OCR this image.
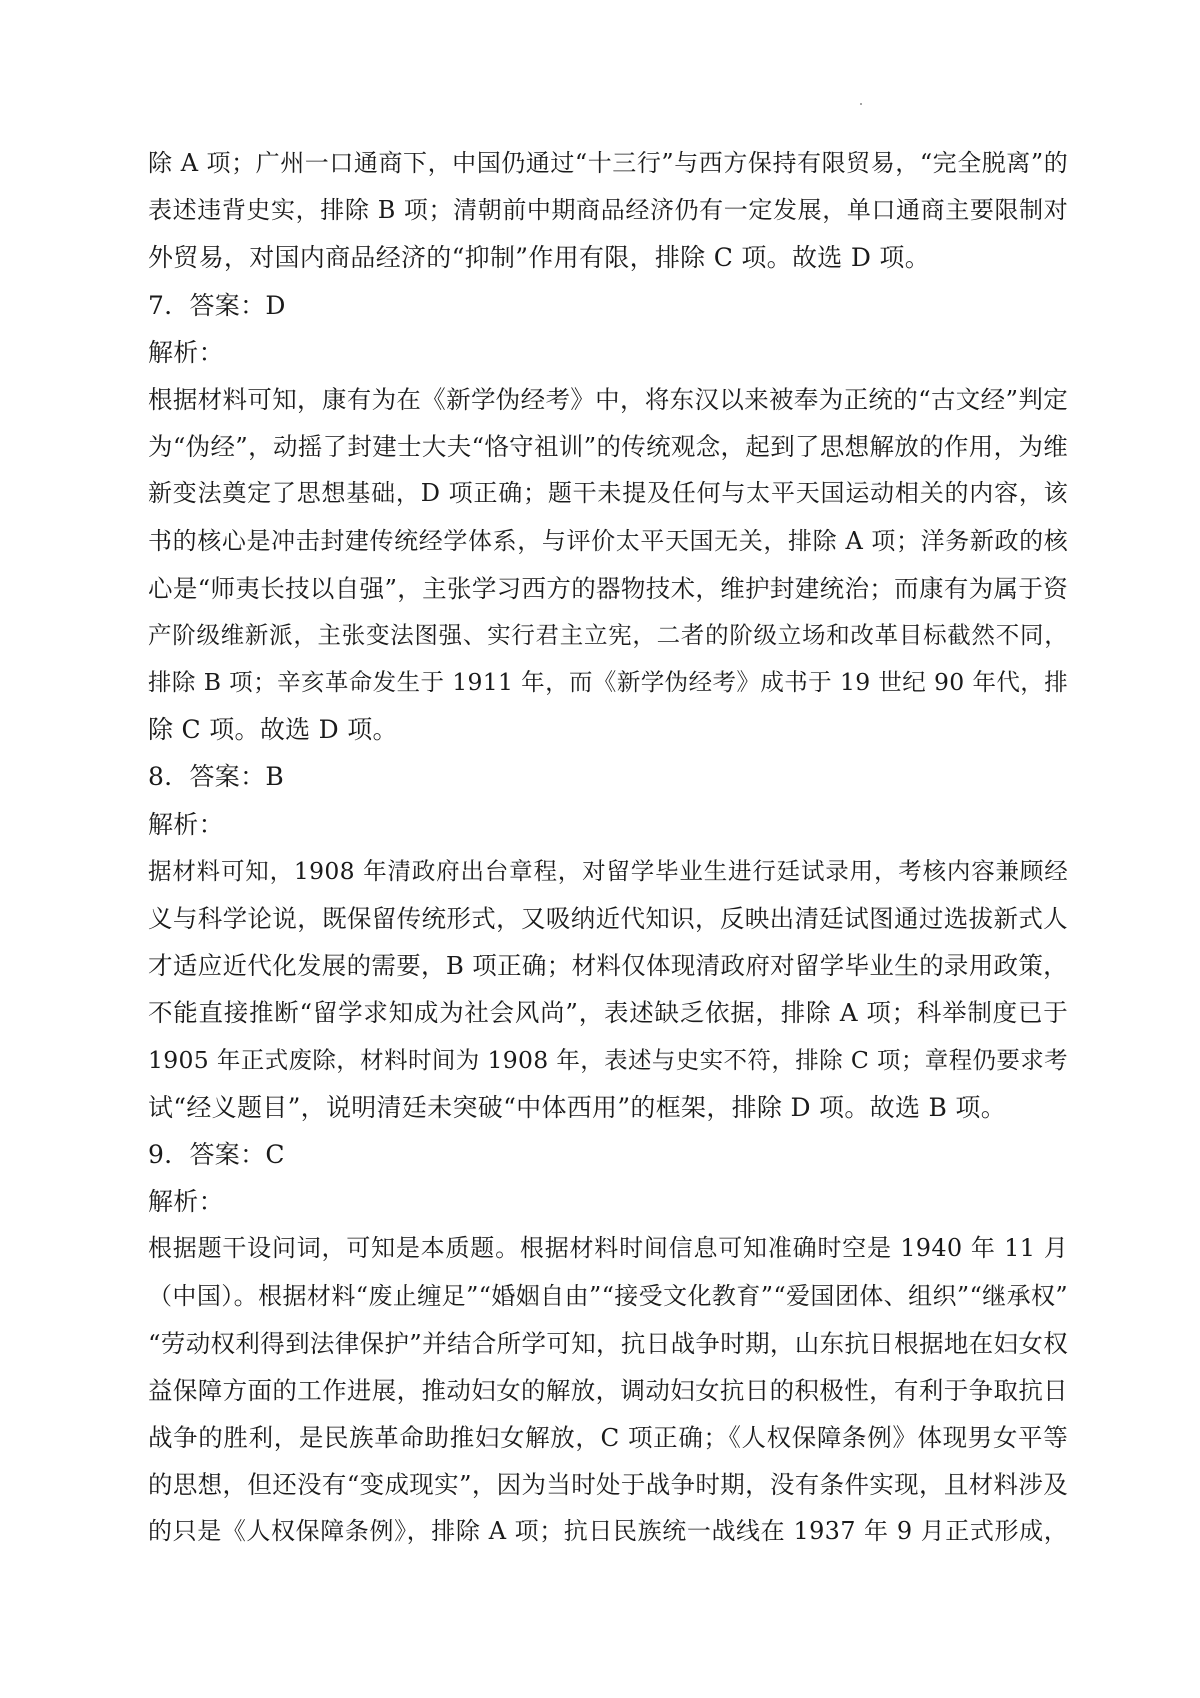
除 A 项；广州一口通商下，中国仍通过“十三行”与西方保持有限贸易，“完全脱离”的
表述违背史实，排除 B 项；清朝前中期商品经济仍有一定发展，单口通商主要限制对
外贸易，对国内商品经济的“抑制”作用有限，排除 C 项。故选 D 项。
7．答案：D
解析：
根据材料可知，康有为在《新学伪经考》中，将东汉以来被奉为正统的“古文经”判定
为“伪经”，动摇了封建士大夫“恪守祖训”的传统观念，起到了思想解放的作用，为维
新变法奠定了思想基础，D 项正确；题干未提及任何与太平天国运动相关的内容，该
书的核心是冲击封建传统经学体系，与评价太平天国无关，排除 A 项；洋务新政的核
心是“师夷长技以自强”，主张学习西方的器物技术，维护封建统治；而康有为属于资
产阶级维新派，主张变法图强、实行君主立宪，二者的阶级立场和改革目标截然不同，
排除 B 项；辛亥革命发生于 1911 年，而《新学伪经考》成书于 19 世纪 90 年代，排
除 C 项。故选 D 项。
8．答案：B
解析：
据材料可知，1908 年清政府出台章程，对留学毕业生进行廷试录用，考核内容兼顾经
义与科学论说，既保留传统形式，又吸纳近代知识，反映出清廷试图通过选拔新式人
才适应近代化发展的需要，B 项正确；材料仅体现清政府对留学毕业生的录用政策，
不能直接推断“留学求知成为社会风尚”，表述缺乏依据，排除 A 项；科举制度已于
1905 年正式废除，材料时间为 1908 年，表述与史实不符，排除 C 项；章程仍要求考
试“经义题目”，说明清廷未突破“中体西用”的框架，排除 D 项。故选 B 项。
9．答案：C
解析：
根据题干设问词，可知是本质题。根据材料时间信息可知准确时空是 1940 年 11 月
（中国）。根据材料“废止缠足”“婚姻自由”“接受文化教育”“爱国团体、组织”“继承权”
“劳动权利得到法律保护”并结合所学可知，抗日战争时期，山东抗日根据地在妇女权
益保障方面的工作进展，推动妇女的解放，调动妇女抗日的积极性，有利于争取抗日
战争的胜利，是民族革命助推妇女解放，C 项正确；《人权保障条例》体现男女平等
的思想，但还没有“变成现实”，因为当时处于战争时期，没有条件实现，且材料涉及
的只是《人权保障条例》，排除 A 项；抗日民族统一战线在 1937 年 9 月正式形成，
